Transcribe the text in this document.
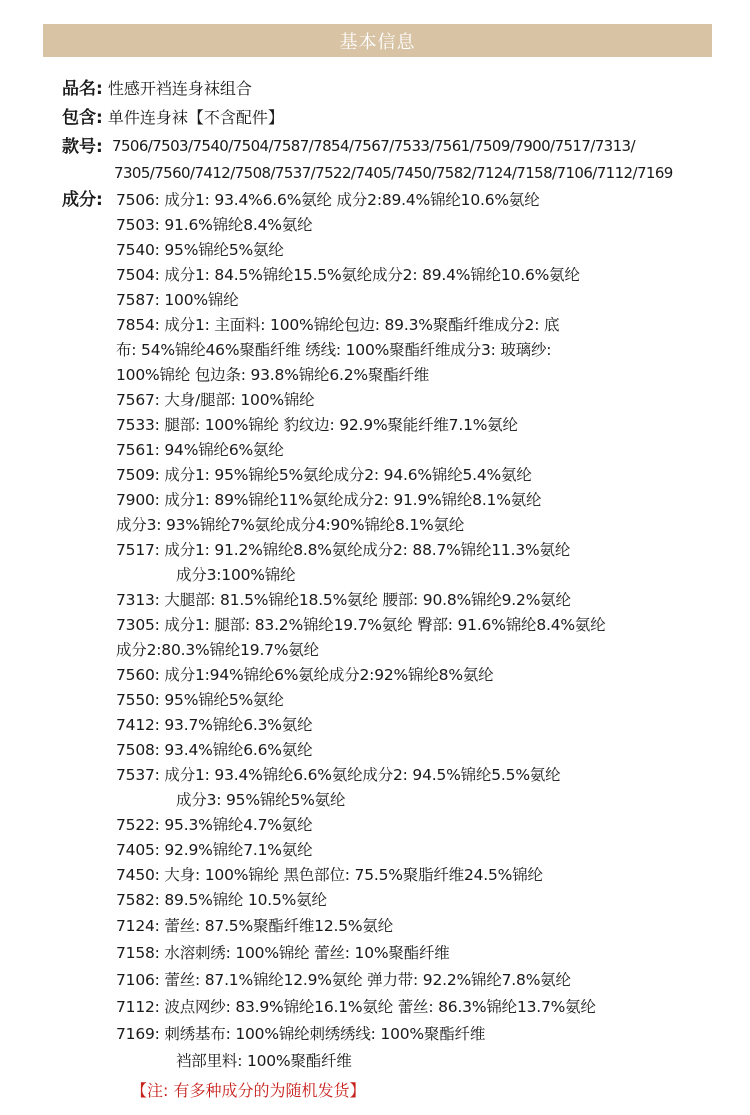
基本信息
品名: 性感开裆连身袜组合
包含: 单件连身袜【不含配件】
款号: 7506/7503/7540/7504/7587/7854/7567/7533/7561/7509/7900/7517/7313/
7305/7560/7412/7508/7537/7522/7405/7450/7582/7124/7158/7106/7112/7169
成分: 7506: 成分1: 93.4%6.6%氨纶 成分2:89.4%锦纶10.6%氨纶
7503: 91.6%锦纶8.4%氨纶
7540: 95%锦纶5%氨纶
7504: 成分1: 84.5%锦纶15.5%氨纶成分2: 89.4%锦纶10.6%氨纶
7587: 100%锦纶
7854: 成分1: 主面料: 100%锦纶包边: 89.3%聚酯纤维成分2: 底
布: 54%锦纶46%聚酯纤维 绣线: 100%聚酯纤维成分3: 玻璃纱:
100%锦纶 包边条: 93.8%锦纶6.2%聚酯纤维
7567: 大身/腿部: 100%锦纶
7533: 腿部: 100%锦纶 豹纹边: 92.9%聚能纤维7.1%氨纶
7561: 94%锦纶6%氨纶
7509: 成分1: 95%锦纶5%氨纶成分2: 94.6%锦纶5.4%氨纶
7900: 成分1: 89%锦纶11%氨纶成分2: 91.9%锦纶8.1%氨纶
成分3: 93%锦纶7%氨纶成分4:90%锦纶8.1%氨纶
7517: 成分1: 91.2%锦纶8.8%氨纶成分2: 88.7%锦纶11.3%氨纶
成分3:100%锦纶
7313: 大腿部: 81.5%锦纶18.5%氨纶 腰部: 90.8%锦纶9.2%氨纶
7305: 成分1: 腿部: 83.2%锦纶19.7%氨纶 臀部: 91.6%锦纶8.4%氨纶
成分2:80.3%锦纶19.7%氨纶
7560: 成分1:94%锦纶6%氨纶成分2:92%锦纶8%氨纶
7550: 95%锦纶5%氨纶
7412: 93.7%锦纶6.3%氨纶
7508: 93.4%锦纶6.6%氨纶
7537: 成分1: 93.4%锦纶6.6%氨纶成分2: 94.5%锦纶5.5%氨纶
成分3: 95%锦纶5%氨纶
7522: 95.3%锦纶4.7%氨纶
7405: 92.9%锦纶7.1%氨纶
7450: 大身: 100%锦纶 黑色部位: 75.5%聚脂纤维24.5%锦纶
7582: 89.5%锦纶 10.5%氨纶
7124: 蕾丝: 87.5%聚酯纤维12.5%氨纶
7158: 水溶刺绣: 100%锦纶 蕾丝: 10%聚酯纤维
7106: 蕾丝: 87.1%锦纶12.9%氨纶 弹力带: 92.2%锦纶7.8%氨纶
7112: 波点网纱: 83.9%锦纶16.1%氨纶 蕾丝: 86.3%锦纶13.7%氨纶
7169: 刺绣基布: 100%锦纶刺绣绣线: 100%聚酯纤维
裆部里料: 100%聚酯纤维
【注: 有多种成分的为随机发货】
